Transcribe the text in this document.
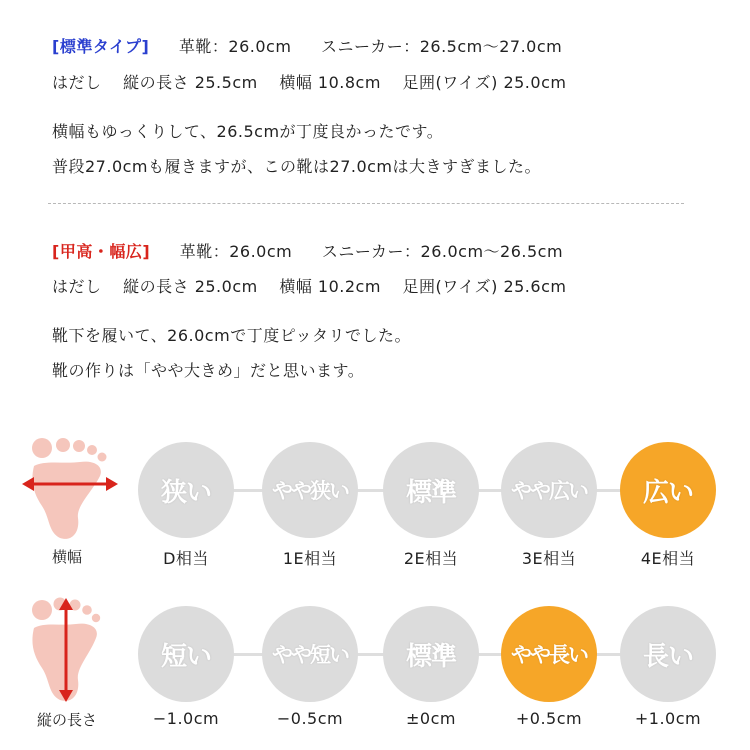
[標準タイプ] 革靴：26.0cm スニーカー：26.5cm〜27.0cm
はだし 縦の長さ 25.5cm 横幅 10.8cm 足囲(ワイズ) 25.0cm
横幅もゆっくりして、26.5cmが丁度良かったです。
普段27.0cmも履きますが、この靴は27.0cmは大きすぎました。
[甲高・幅広] 革靴：26.0cm スニーカー：26.0cm〜26.5cm
はだし 縦の長さ 25.0cm 横幅 10.2cm 足囲(ワイズ) 25.6cm
靴下を履いて、26.0cmで丁度ピッタリでした。
靴の作りは「やや大きめ」だと思います。
横幅
狭い	やや狭い	標準	やや広い	広い
D相当	1E相当	2E相当	3E相当	4E相当
縦の長さ
短い	やや短い	標準	やや長い	長い
−1.0cm	−0.5cm	±0cm	+0.5cm	+1.0cm
